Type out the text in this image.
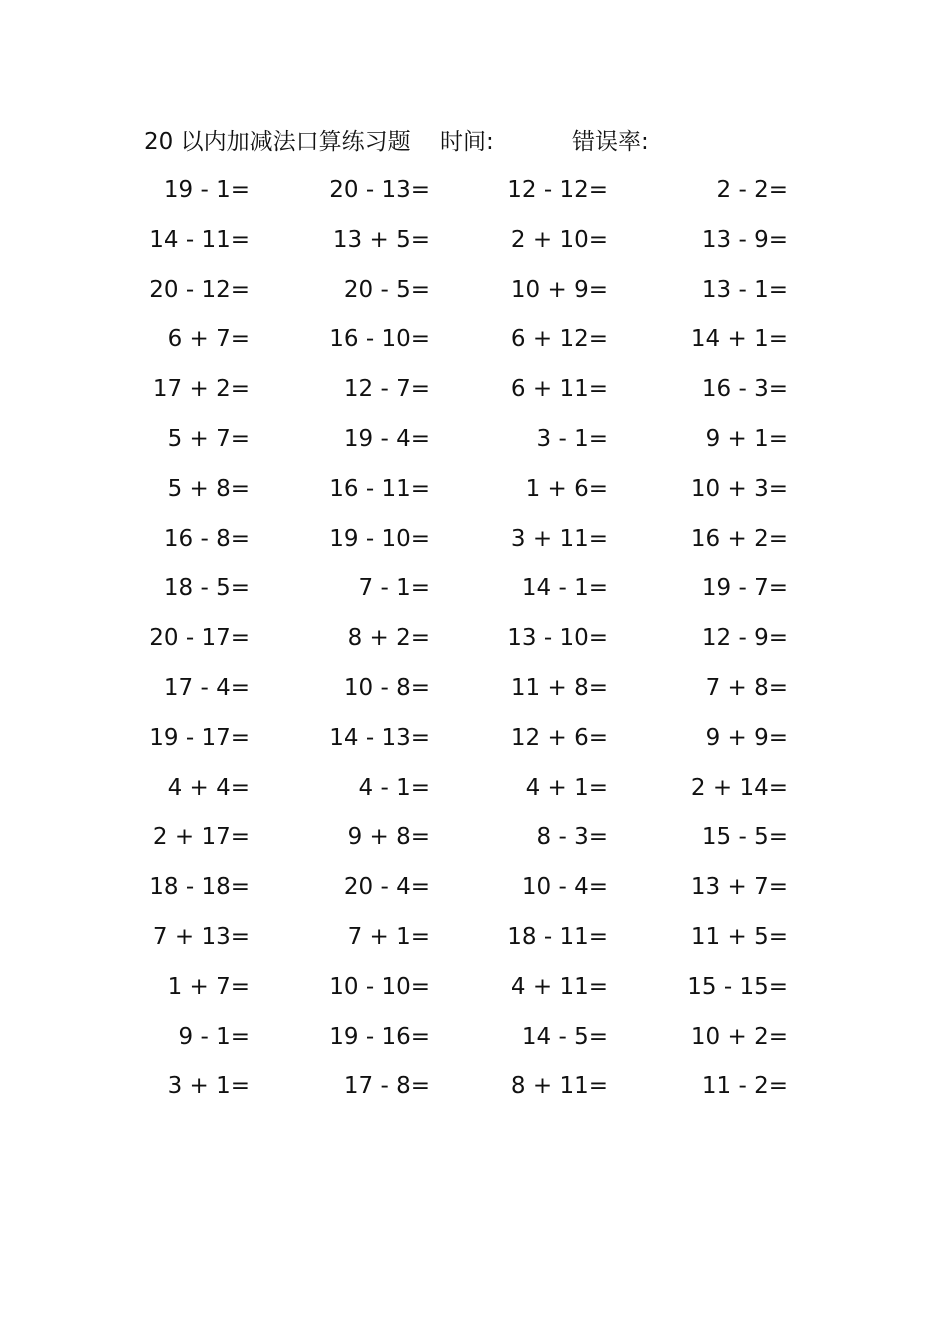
20 以内加减法口算练习题 时间:	错误率:
19 - 1=	20 - 13=	12 - 12=	2 - 2=
14 - 11=	13 + 5=	2 + 10=	13 - 9=
20 - 12=	20 - 5=	10 + 9=	13 - 1=
6 + 7=	16 - 10=	6 + 12=	14 + 1=
17 + 2=	12 - 7=	6 + 11=	16 - 3=
5 + 7=	19 - 4=	3 - 1=	9 + 1=
5 + 8=	16 - 11=	1 + 6=	10 + 3=
16 - 8=	19 - 10=	3 + 11=	16 + 2=
18 - 5=	7 - 1=	14 - 1=	19 - 7=
20 - 17=	8 + 2=	13 - 10=	12 - 9=
17 - 4=	10 - 8=	11 + 8=	7 + 8=
19 - 17=	14 - 13=	12 + 6=	9 + 9=
4 + 4=	4 - 1=	4 + 1=	2 + 14=
2 + 17=	9 + 8=	8 - 3=	15 - 5=
18 - 18=	20 - 4=	10 - 4=	13 + 7=
7 + 13=	7 + 1=	18 - 11=	11 + 5=
1 + 7=	10 - 10=	4 + 11=	15 - 15=
9 - 1=	19 - 16=	14 - 5=	10 + 2=
3 + 1=	17 - 8=	8 + 11=	11 - 2=
